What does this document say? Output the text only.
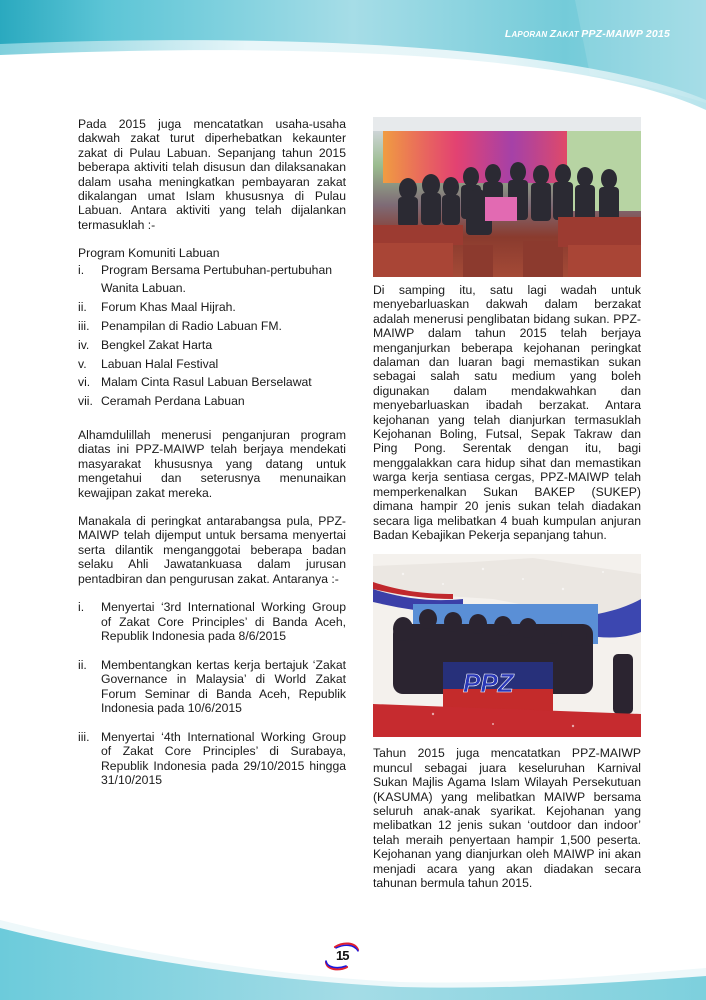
LAPORAN ZAKAT PPZ-MAIWP 2015

Pada 2015 juga mencatatkan usaha-usaha dakwah zakat turut diperhebatkan kekaunter zakat di Pulau Labuan. Sepanjang tahun 2015 beberapa aktiviti telah disusun dan dilaksanakan dalam usaha meningkatkan pembayaran zakat dikalangan umat Islam khususnya di Pulau Labuan. Antara aktiviti yang telah dijalankan termasuklah :-

Program Komuniti Labuan

i.	Program Bersama Pertubuhan-pertubuhan Wanita Labuan.
ii.	Forum Khas Maal Hijrah.
iii. Penampilan di Radio Labuan FM.
iv. Bengkel Zakat Harta
v.	Labuan Halal Festival
vi. Malam Cinta Rasul Labuan Berselawat
vii. Ceramah Perdana Labuan

Alhamdulillah menerusi penganjuran program diatas ini PPZ-MAIWP telah berjaya mendekati masyarakat khususnya yang datang untuk mengetahui dan seterusnya menunaikan kewajipan zakat mereka.

Manakala di peringkat antarabangsa pula, PPZ-MAIWP telah dijemput untuk bersama menyertai serta dilantik menganggotai beberapa badan selaku Ahli Jawatankuasa dalam jurusan pentadbiran dan pengurusan zakat. Antaranya :-

i.	Menyertai ‘3rd International Working Group of Zakat Core Principles’ di Banda Aceh, Republik Indonesia pada 8/6/2015
ii.	Membentangkan kertas kerja bertajuk ‘Zakat Governance in Malaysia’ di World Zakat Forum Seminar di Banda Aceh, Republik Indonesia pada 10/6/2015
iii. Menyertai ‘4th International Working Group of Zakat Core Principles’ di Surabaya, Republik Indonesia pada 29/10/2015 hingga 31/10/2015

Di samping itu, satu lagi wadah untuk menyebarluaskan dakwah dalam berzakat adalah menerusi penglibatan bidang sukan. PPZ-MAIWP dalam tahun 2015 telah berjaya menganjurkan beberapa kejohanan peringkat dalaman dan luaran bagi memastikan sukan sebagai salah satu medium yang boleh digunakan dalam mendakwahkan dan menyebarluaskan ibadah berzakat. Antara kejohanan yang telah dianjurkan termasuklah Kejohanan Boling, Futsal, Sepak Takraw dan Ping Pong. Serentak dengan itu, bagi menggalakkan cara hidup sihat dan memastikan warga kerja sentiasa cergas, PPZ-MAIWP telah memperkenalkan Sukan BAKEP (SUKEP) dimana hampir 20 jenis sukan telah diadakan secara liga melibatkan 4 buah kumpulan anjuran Badan Kebajikan Pekerja sepanjang tahun.

PPZ

Tahun 2015 juga mencatatkan PPZ-MAIWP muncul sebagai juara keseluruhan Karnival Sukan Majlis Agama Islam Wilayah Persekutuan (KASUMA) yang melibatkan MAIWP bersama seluruh anak-anak syarikat. Kejohanan yang melibatkan 12 jenis sukan ‘outdoor dan indoor’ telah meraih penyertaan hampir 1,500 peserta. Kejohanan yang dianjurkan oleh MAIWP ini akan menjadi acara yang akan diadakan secara tahunan bermula tahun 2015.

15
